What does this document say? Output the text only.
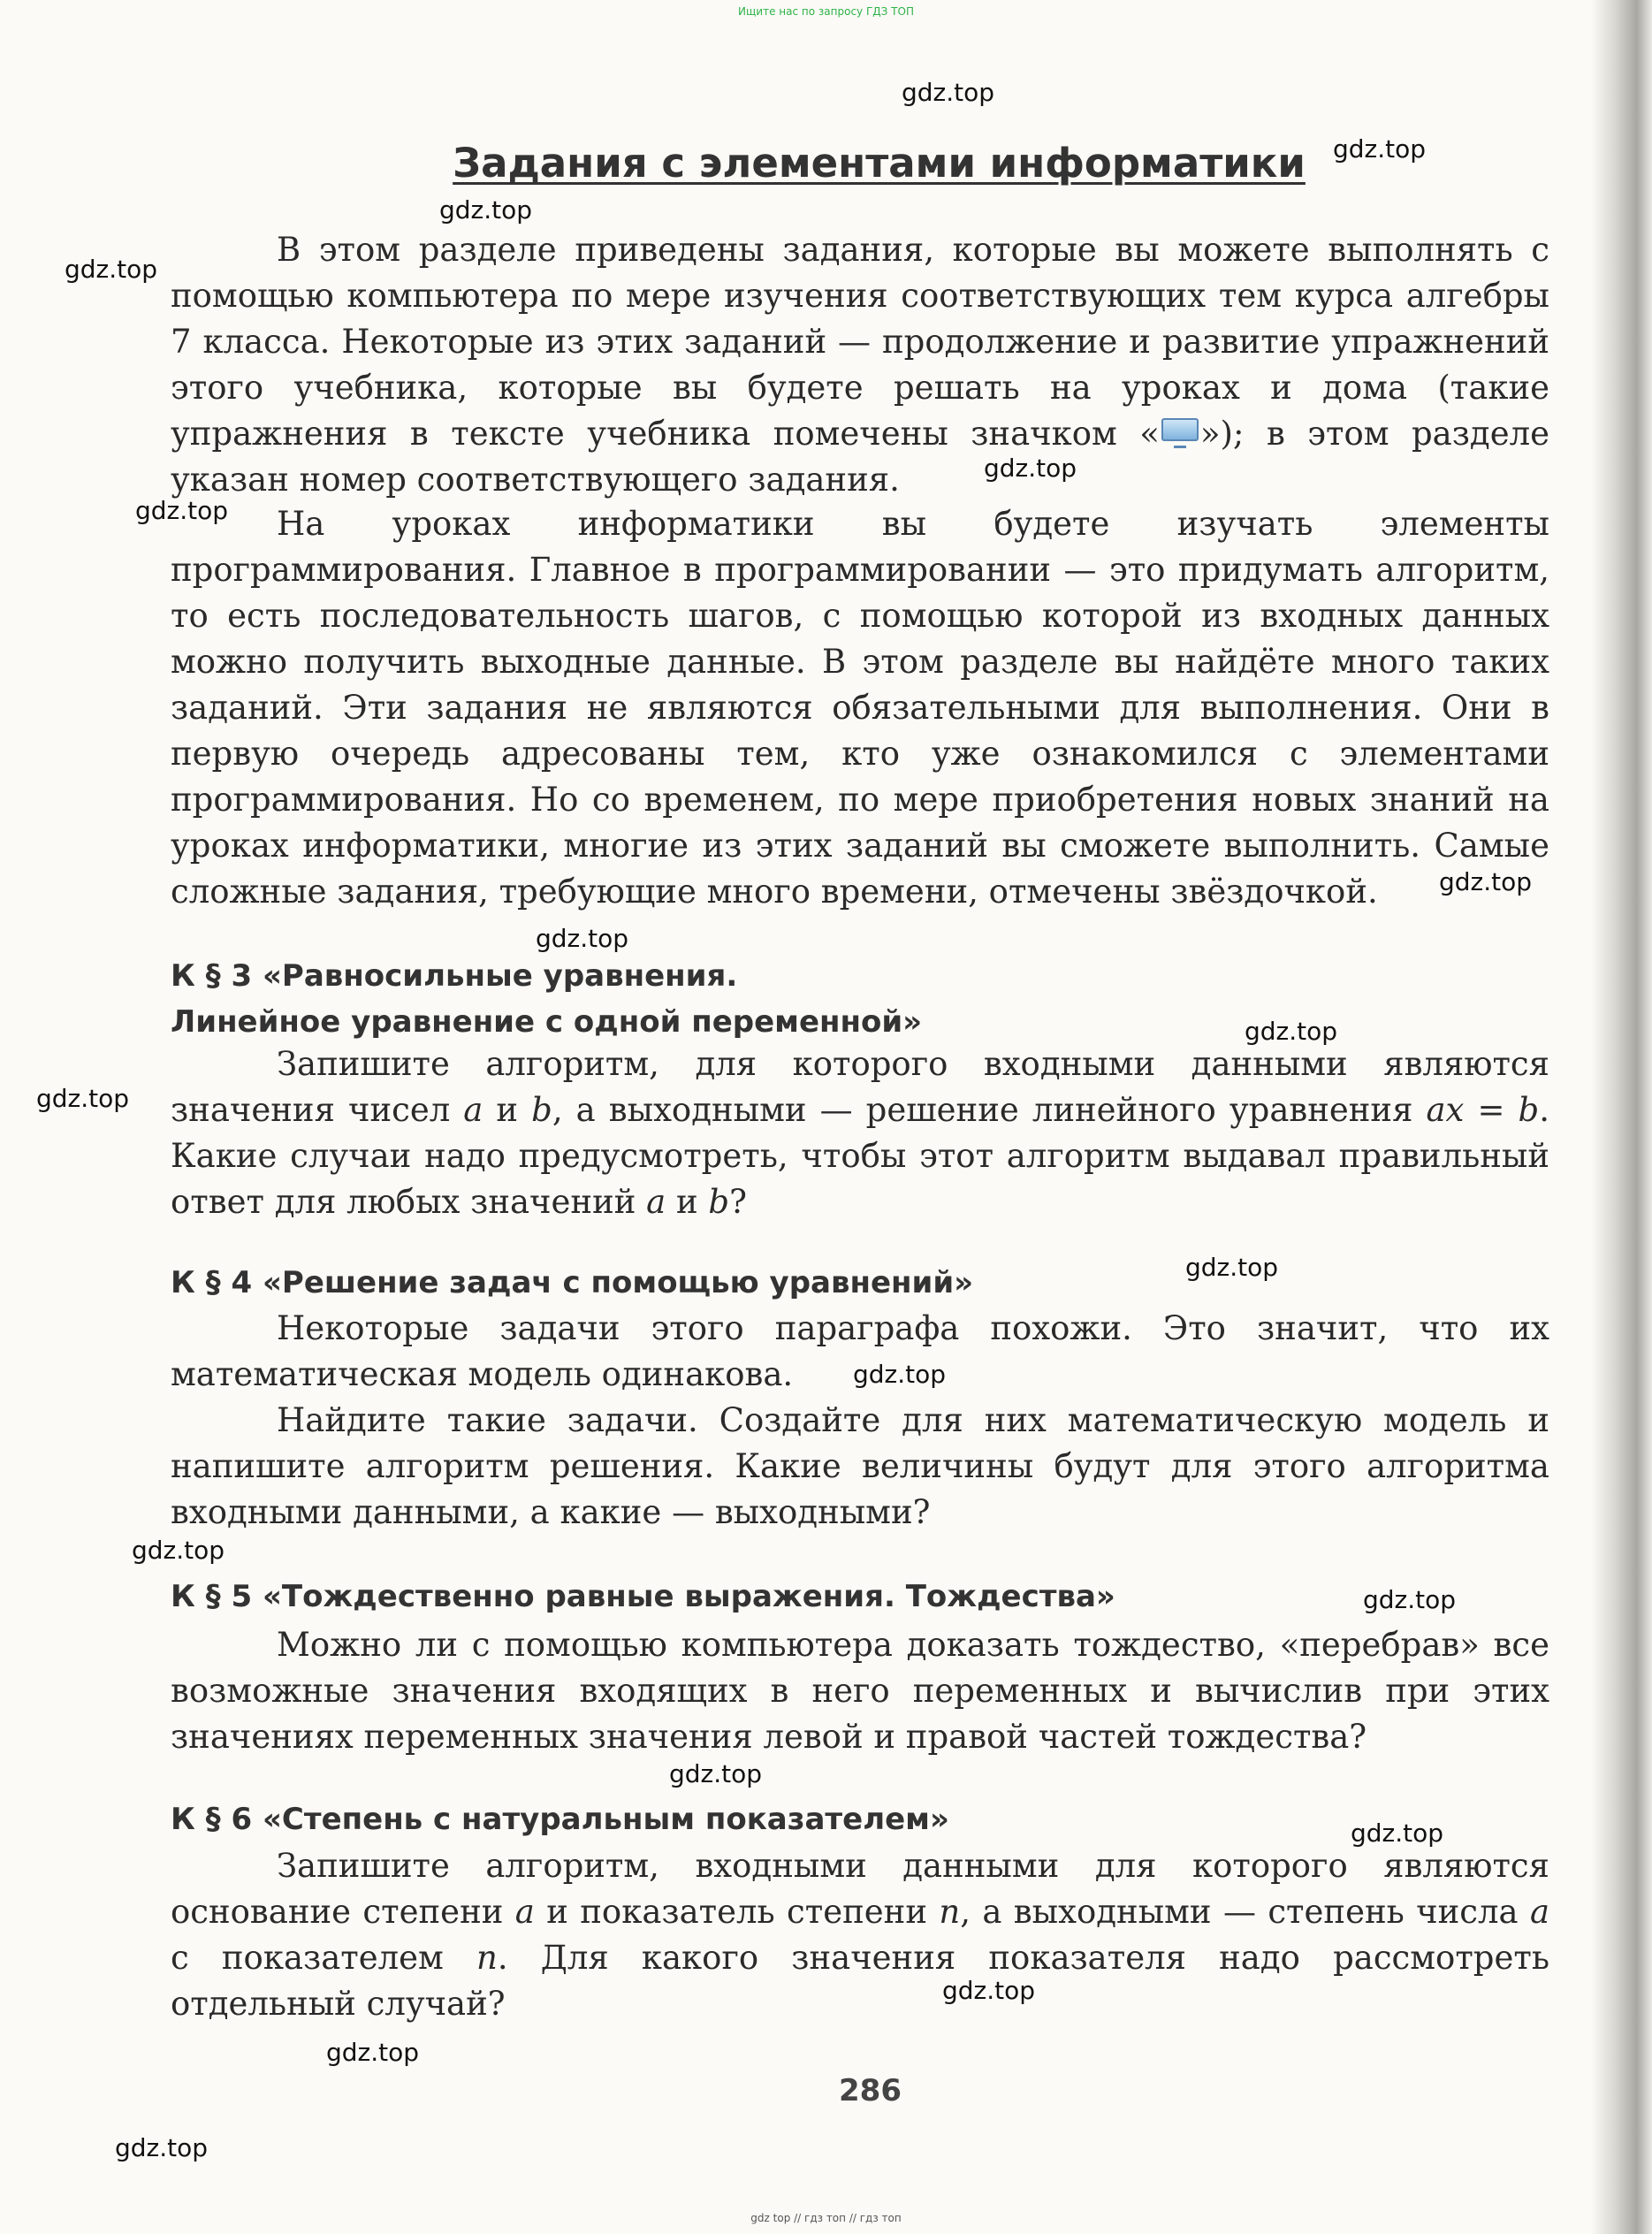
Ищите нас по запросу ГДЗ ТОП
Задания с элементами информатики

В этом разделе приведены задания, которые вы можете выполнять с помощью компьютера по мере изучения соответствующих тем курса алгебры 7 класса. Некоторые из этих заданий — продолжение и развитие упражнений этого учебника, которые вы будете решать на уроках и дома (такие упражнения в тексте учебника помечены значком « »); в этом разделе указан номер соответствующего задания.

На уроках информатики вы будете изучать элементы программирования. Главное в программировании — это придумать алгоритм, то есть последовательность шагов, с помощью которой из входных данных можно получить выходные данные. В этом разделе вы найдёте много таких заданий. Эти задания не являются обязательными для выполнения. Они в первую очередь адресованы тем, кто уже ознакомился с элементами программирования. Но со временем, по мере приобретения новых знаний на уроках информатики, многие из этих заданий вы сможете выполнить. Самые сложные задания, требующие много времени, отмечены звёздочкой.

К § 3 «Равносильные уравнения.
Линейное уравнение с одной переменной»

Запишите алгоритм, для которого входными данными являются значения чисел a и b, а выходными — решение линейного уравнения ax = b. Какие случаи надо предусмотреть, чтобы этот алгоритм выдавал правильный ответ для любых значений a и b?

К § 4 «Решение задач с помощью уравнений»

Некоторые задачи этого параграфа похожи. Это значит, что их математическая модель одинакова.

Найдите такие задачи. Создайте для них математическую модель и напишите алгоритм решения. Какие величины будут для этого алгоритма входными данными, а какие — выходными?

К § 5 «Тождественно равные выражения. Тождества»

Можно ли с помощью компьютера доказать тождество, «перебрав» все возможные значения входящих в него переменных и вычислив при этих значениях переменных значения левой и правой частей тождества?

К § 6 «Степень с натуральным показателем»

Запишите алгоритм, входными данными для которого являются основание степени a и показатель степени n, а выходными — степень числа a с показателем n. Для какого значения показателя надо рассмотреть отдельный случай?

286
gdz.top
gdz.top
gdz.top
gdz.top
gdz.top
gdz.top
gdz.top
gdz.top
gdz.top
gdz.top
gdz.top
gdz.top
gdz.top
gdz.top
gdz.top
gdz.top
gdz.top
gdz.top
gdz.top
gdz top // гдз топ // гдз топ
